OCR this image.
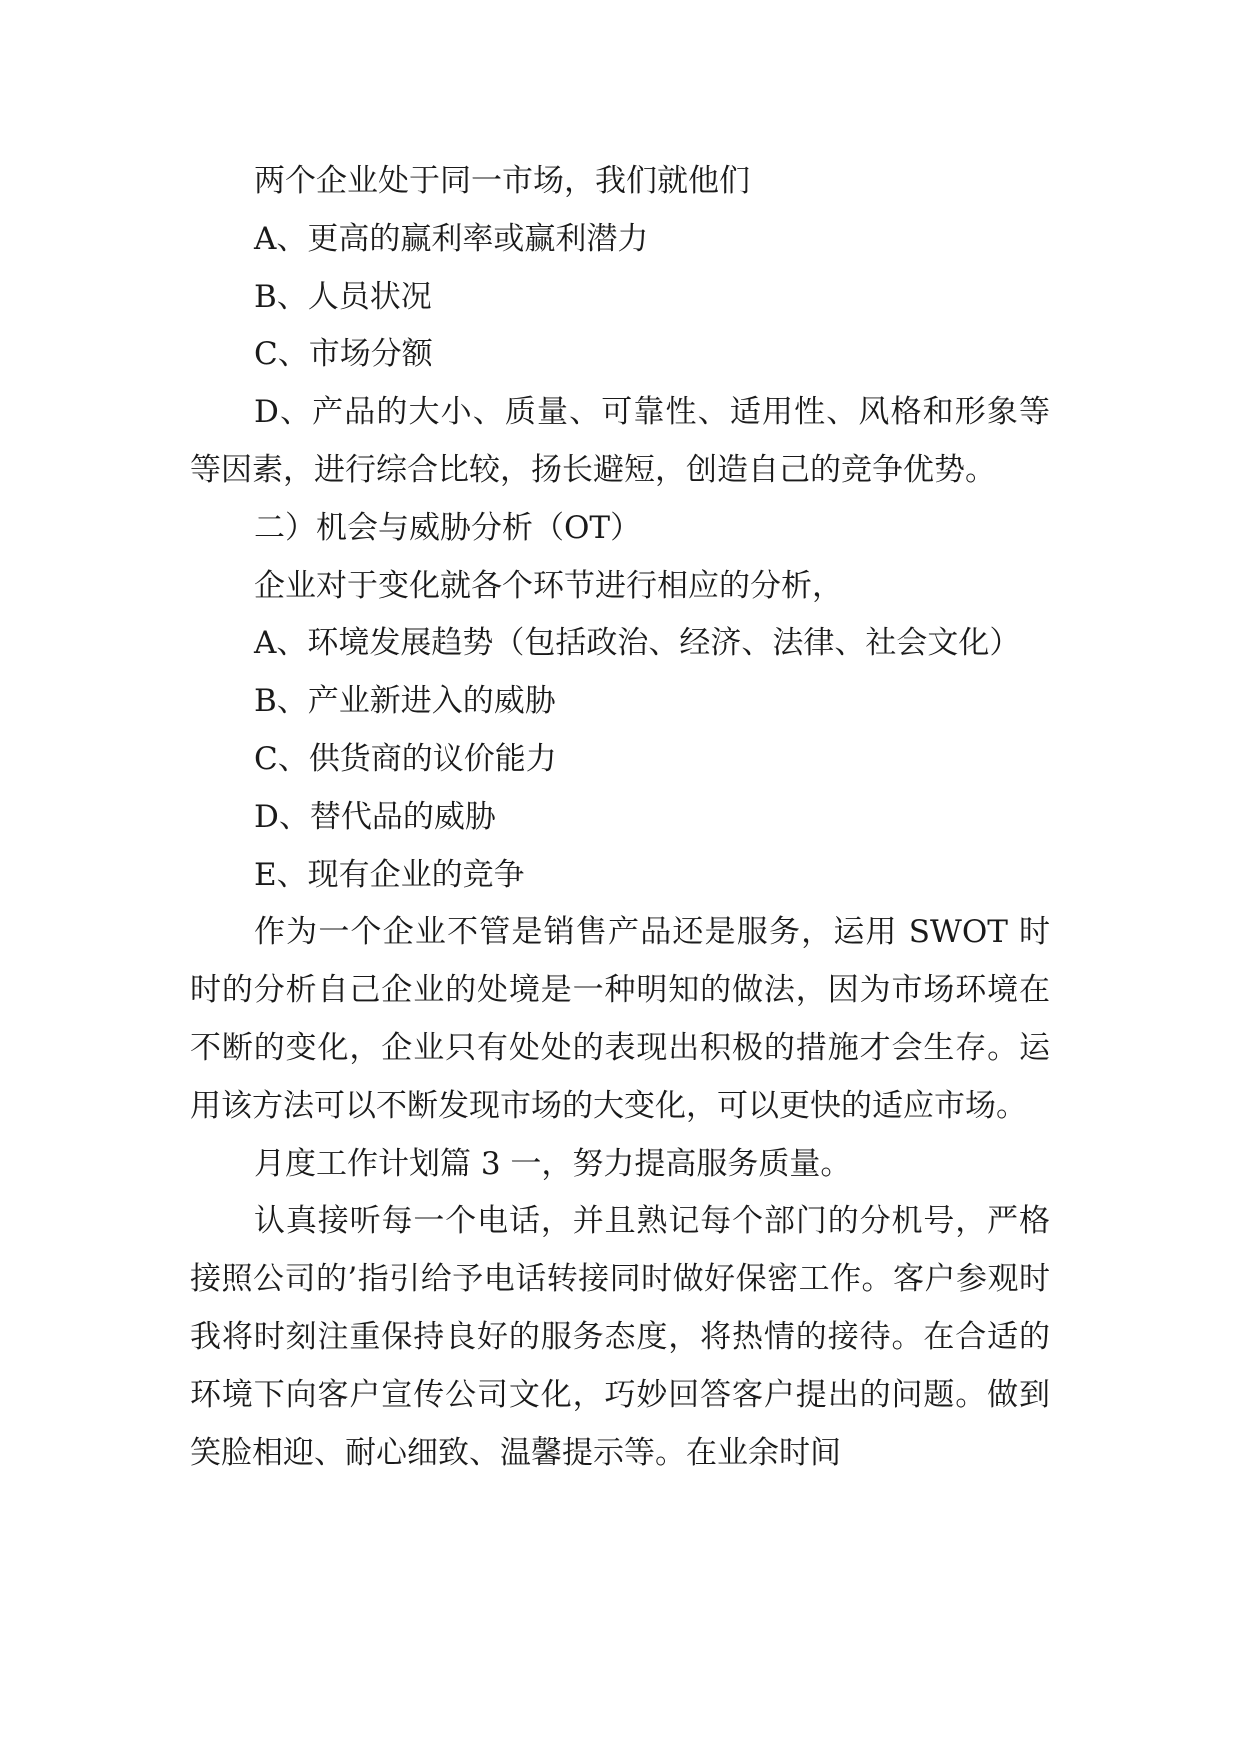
两个企业处于同一市场，我们就他们

A、更高的赢利率或赢利潜力

B、人员状况

C、市场分额

D、产品的大小、质量、可靠性、适用性、风格和形象等等因素，进行综合比较，扬长避短，创造自己的竞争优势。

二）机会与威胁分析（OT）

企业对于变化就各个环节进行相应的分析，

A、环境发展趋势（包括政治、经济、法律、社会文化）

B、产业新进入的威胁

C、供货商的议价能力

D、替代品的威胁

E、现有企业的竞争

作为一个企业不管是销售产品还是服务，运用 SWOT 时时的分析自己企业的处境是一种明知的做法，因为市场环境在不断的变化，企业只有处处的表现出积极的措施才会生存。运用该方法可以不断发现市场的大变化，可以更快的适应市场。

月度工作计划篇 3 一，努力提高服务质量。

认真接听每一个电话，并且熟记每个部门的分机号，严格接照公司的’指引给予电话转接同时做好保密工作。客户参观时我将时刻注重保持良好的服务态度，将热情的接待。在合适的环境下向客户宣传公司文化，巧妙回答客户提出的问题。做到笑脸相迎、耐心细致、温馨提示等。在业余时间
